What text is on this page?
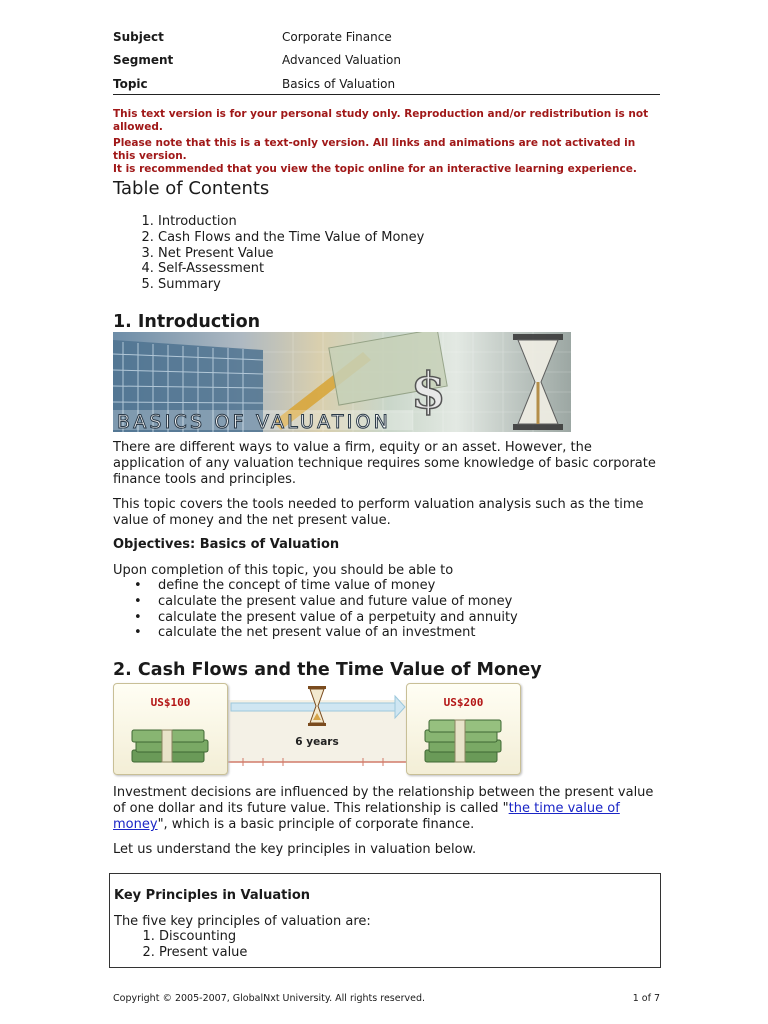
Subject	Corporate Finance
Segment	Advanced Valuation
Topic	Basics of Valuation
This text version is for your personal study only. Reproduction and/or redistribution is not allowed.
Please note that this is a text-only version. All links and animations are not activated in this version.
It is recommended that you view the topic online for an interactive learning experience.
Table of Contents
1. Introduction
2. Cash Flows and the Time Value of Money
3. Net Present Value
4. Self-Assessment
5. Summary
1. Introduction
$
BASICS OF VALUATION

There are different ways to value a firm, equity or an asset. However, the application of any valuation technique requires some knowledge of basic corporate finance tools and principles.

This topic covers the tools needed to perform valuation analysis such as the time value of money and the net present value.

Objectives: Basics of Valuation

Upon completion of this topic, you should be able to

• define the concept of time value of money
• calculate the present value and future value of money
• calculate the present value of a perpetuity and annuity
• calculate the net present value of an investment
2. Cash Flows and the Time Value of Money
6 years
US$100	US$200

Investment decisions are influenced by the relationship between the present value of one dollar and its future value. This relationship is called "the time value of money", which is a basic principle of corporate finance.

Let us understand the key principles in valuation below.

Key Principles in Valuation
The five key principles of valuation are:
1. Discounting
2. Present value
Copyright © 2005-2007, GlobalNxt University. All rights reserved.	1 of 7
